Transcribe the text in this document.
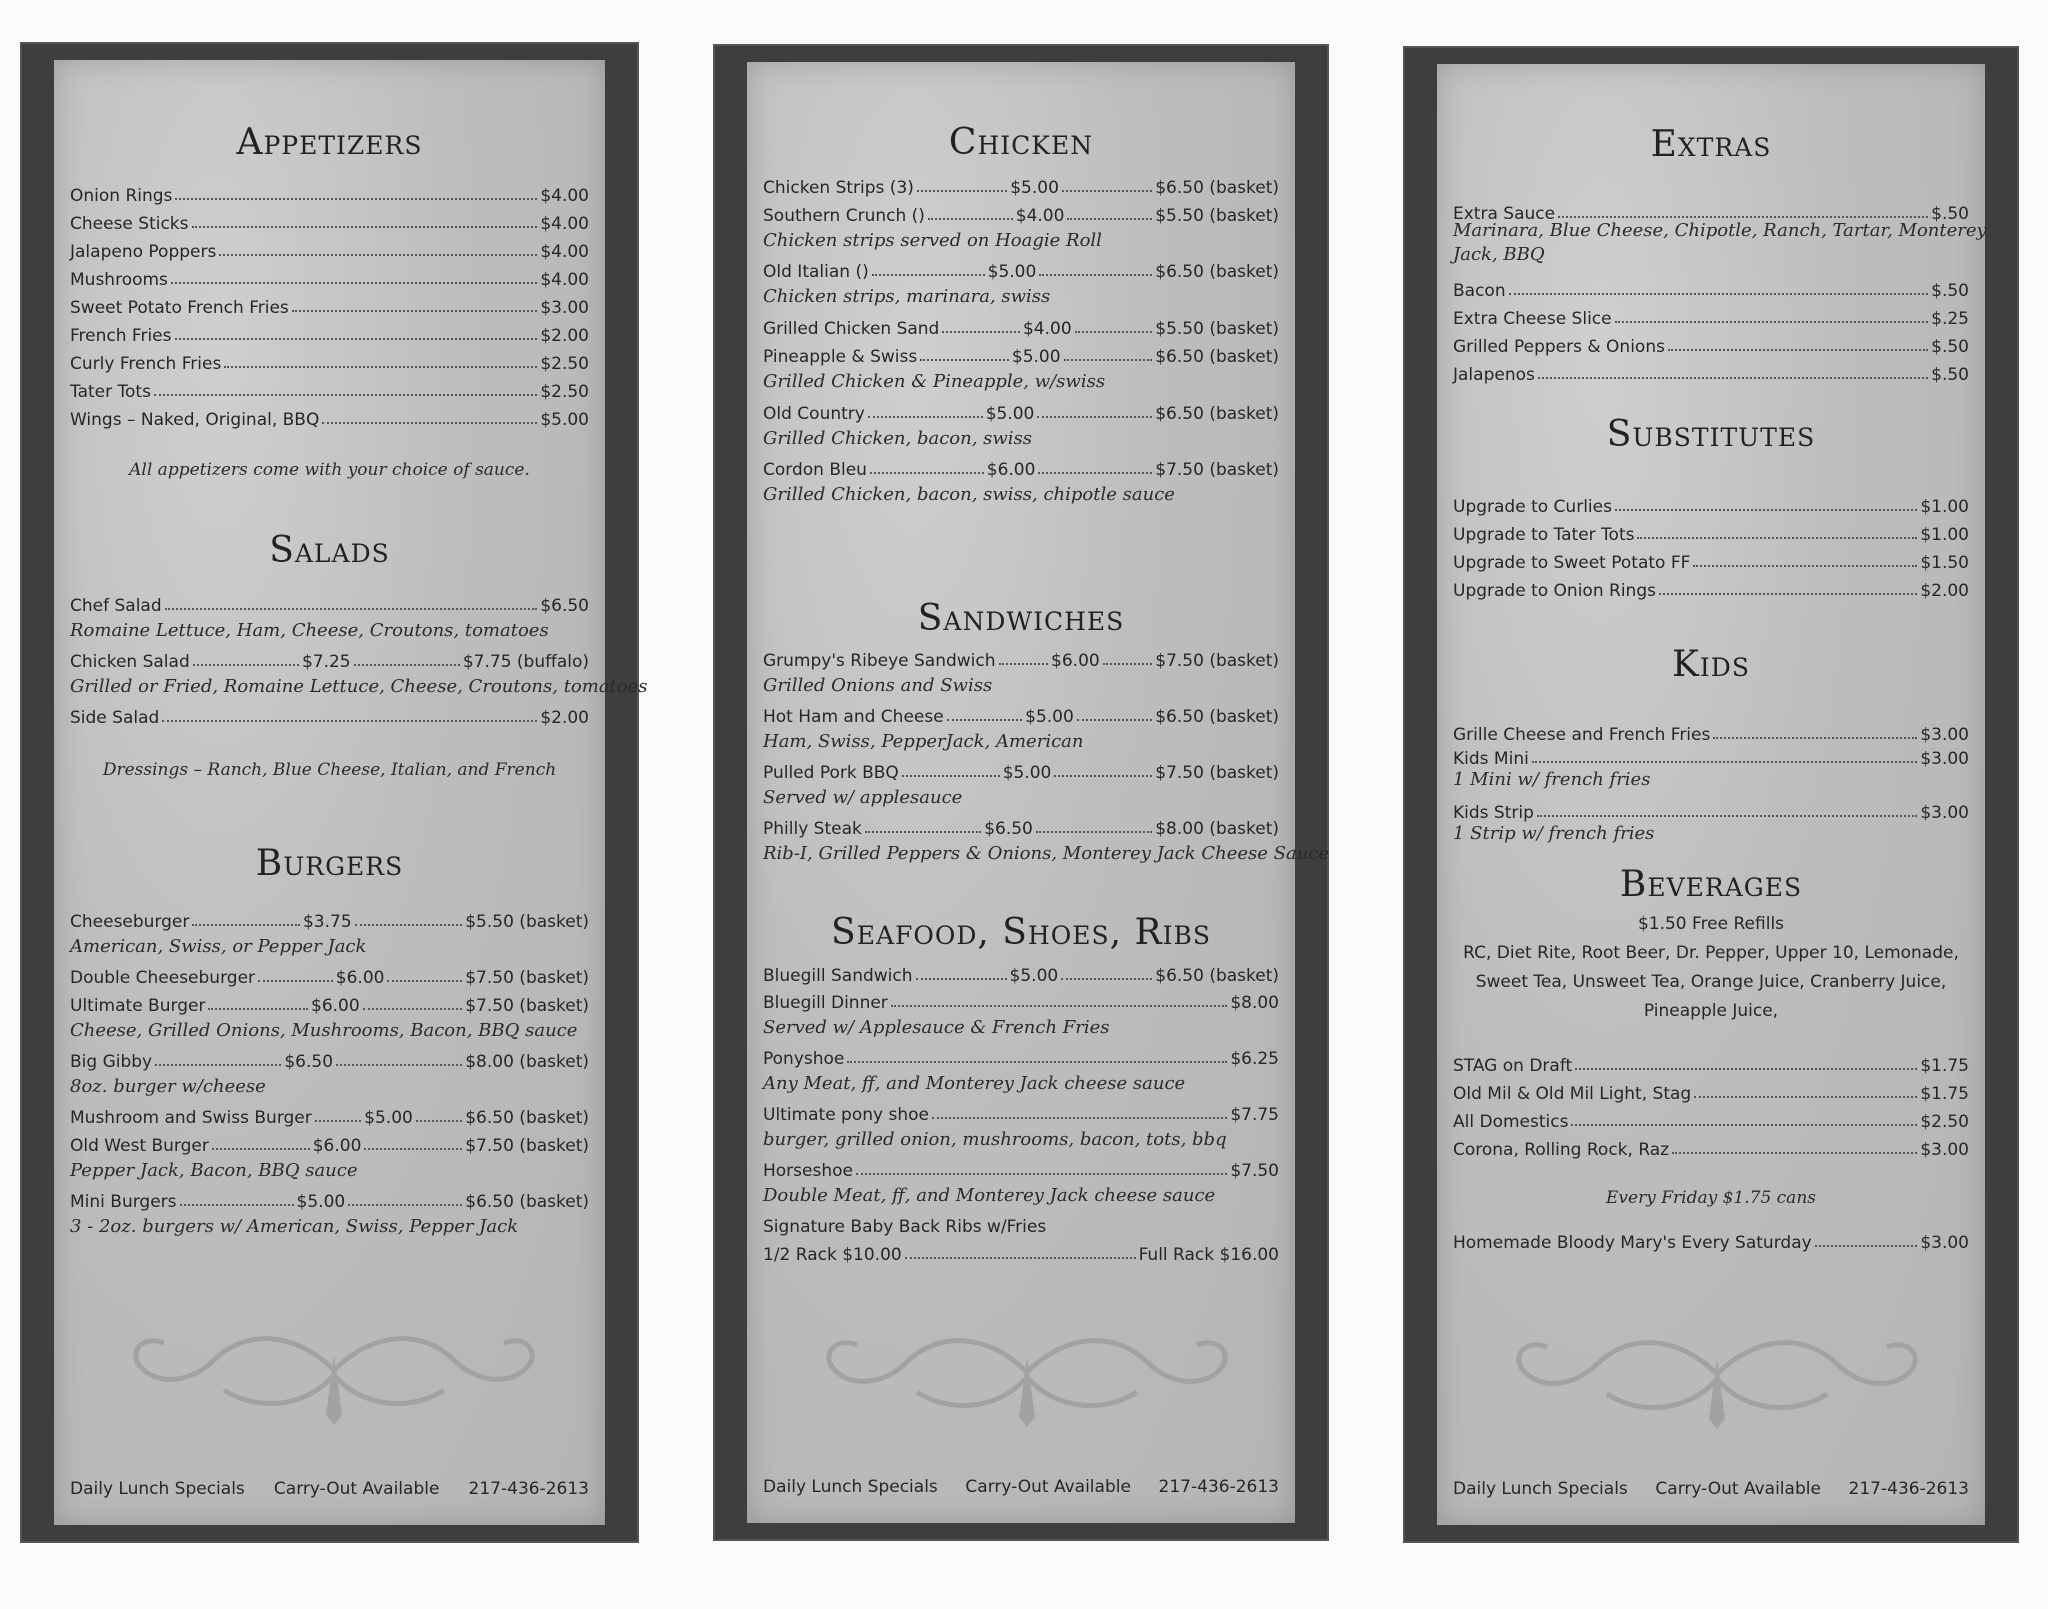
Appetizers
Onion Rings	$4.00
Cheese Sticks	$4.00
Jalapeno Poppers	$4.00
Mushrooms	$4.00
Sweet Potato French Fries	$3.00
French Fries	$2.00
Curly French Fries	$2.50
Tater Tots	$2.50
Wings – Naked, Original, BBQ	$5.00
All appetizers come with your choice of sauce.
Salads
Chef Salad	$6.50
Romaine Lettuce, Ham, Cheese, Croutons, tomatoes
Chicken Salad	$7.25	$7.75 (buffalo)
Grilled or Fried, Romaine Lettuce, Cheese, Croutons, tomatoes
Side Salad	$2.00
Dressings – Ranch, Blue Cheese, Italian, and French
Burgers
Cheeseburger	$3.75	$5.50 (basket)
American, Swiss, or Pepper Jack
Double Cheeseburger	$6.00	$7.50 (basket)
Ultimate Burger	$6.00	$7.50 (basket)
Cheese, Grilled Onions, Mushrooms, Bacon, BBQ sauce
Big Gibby	$6.50	$8.00 (basket)
8oz. burger w/cheese
Mushroom and Swiss Burger	$5.00	$6.50 (basket)
Old West Burger	$6.00	$7.50 (basket)
Pepper Jack, Bacon, BBQ sauce
Mini Burgers	$5.00	$6.50 (basket)
3 - 2oz. burgers w/ American, Swiss, Pepper Jack
Daily Lunch Specials Carry-Out Available 217-436-2613
Chicken
Chicken Strips (3)	$5.00	$6.50 (basket)
Southern Crunch ()	$4.00	$5.50 (basket)
Chicken strips served on Hoagie Roll
Old Italian ()	$5.00	$6.50 (basket)
Chicken strips, marinara, swiss
Grilled Chicken Sand	$4.00	$5.50 (basket)
Pineapple & Swiss	$5.00	$6.50 (basket)
Grilled Chicken & Pineapple, w/swiss
Old Country	$5.00	$6.50 (basket)
Grilled Chicken, bacon, swiss
Cordon Bleu	$6.00	$7.50 (basket)
Grilled Chicken, bacon, swiss, chipotle sauce
Sandwiches
Grumpy's Ribeye Sandwich	$6.00	$7.50 (basket)
Grilled Onions and Swiss
Hot Ham and Cheese	$5.00	$6.50 (basket)
Ham, Swiss, PepperJack, American
Pulled Pork BBQ	$5.00	$7.50 (basket)
Served w/ applesauce
Philly Steak	$6.50	$8.00 (basket)
Rib-I, Grilled Peppers & Onions, Monterey Jack Cheese Sauce
Seafood, Shoes, Ribs
Bluegill Sandwich	$5.00	$6.50 (basket)
Bluegill Dinner	$8.00
Served w/ Applesauce & French Fries
Ponyshoe	$6.25
Any Meat, ff, and Monterey Jack cheese sauce
Ultimate pony shoe	$7.75
burger, grilled onion, mushrooms, bacon, tots, bbq
Horseshoe	$7.50
Double Meat, ff, and Monterey Jack cheese sauce
Signature Baby Back Ribs w/Fries
1/2 Rack $10.00	Full Rack $16.00
Daily Lunch Specials Carry-Out Available 217-436-2613
Extras
Extra Sauce	$.50
Marinara, Blue Cheese, Chipotle, Ranch, Tartar, Monterey
Jack, BBQ
Bacon	$.50
Extra Cheese Slice	$.25
Grilled Peppers & Onions	$.50
Jalapenos	$.50
Substitutes
Upgrade to Curlies	$1.00
Upgrade to Tater Tots	$1.00
Upgrade to Sweet Potato FF	$1.50
Upgrade to Onion Rings	$2.00
Kids
Grille Cheese and French Fries	$3.00
Kids Mini	$3.00
1 Mini w/ french fries
Kids Strip	$3.00
1 Strip w/ french fries
Beverages
$1.50 Free Refills
RC, Diet Rite, Root Beer, Dr. Pepper, Upper 10, Lemonade,
Sweet Tea, Unsweet Tea, Orange Juice, Cranberry Juice,
Pineapple Juice,
STAG on Draft	$1.75
Old Mil & Old Mil Light, Stag	$1.75
All Domestics	$2.50
Corona, Rolling Rock, Raz	$3.00
Every Friday $1.75 cans
Homemade Bloody Mary's Every Saturday	$3.00
Daily Lunch Specials Carry-Out Available 217-436-2613
